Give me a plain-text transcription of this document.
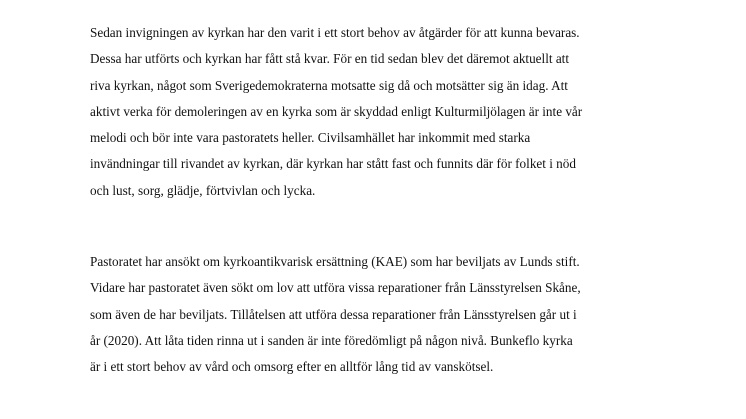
Sedan invigningen av kyrkan har den varit i ett stort behov av åtgärder för att kunna bevaras.
Dessa har utförts och kyrkan har fått stå kvar. För en tid sedan blev det däremot aktuellt att
riva kyrkan, något som Sverigedemokraterna motsatte sig då och motsätter sig än idag. Att
aktivt verka för demoleringen av en kyrka som är skyddad enligt Kulturmiljölagen är inte vår
melodi och bör inte vara pastoratets heller. Civilsamhället har inkommit med starka
invändningar till rivandet av kyrkan, där kyrkan har stått fast och funnits där för folket i nöd
och lust, sorg, glädje, förtvivlan och lycka.

Pastoratet har ansökt om kyrkoantikvarisk ersättning (KAE) som har beviljats av Lunds stift.
Vidare har pastoratet även sökt om lov att utföra vissa reparationer från Länsstyrelsen Skåne,
som även de har beviljats. Tillåtelsen att utföra dessa reparationer från Länsstyrelsen går ut i
år (2020). Att låta tiden rinna ut i sanden är inte föredömligt på någon nivå. Bunkeflo kyrka
är i ett stort behov av vård och omsorg efter en alltför lång tid av vanskötsel.
